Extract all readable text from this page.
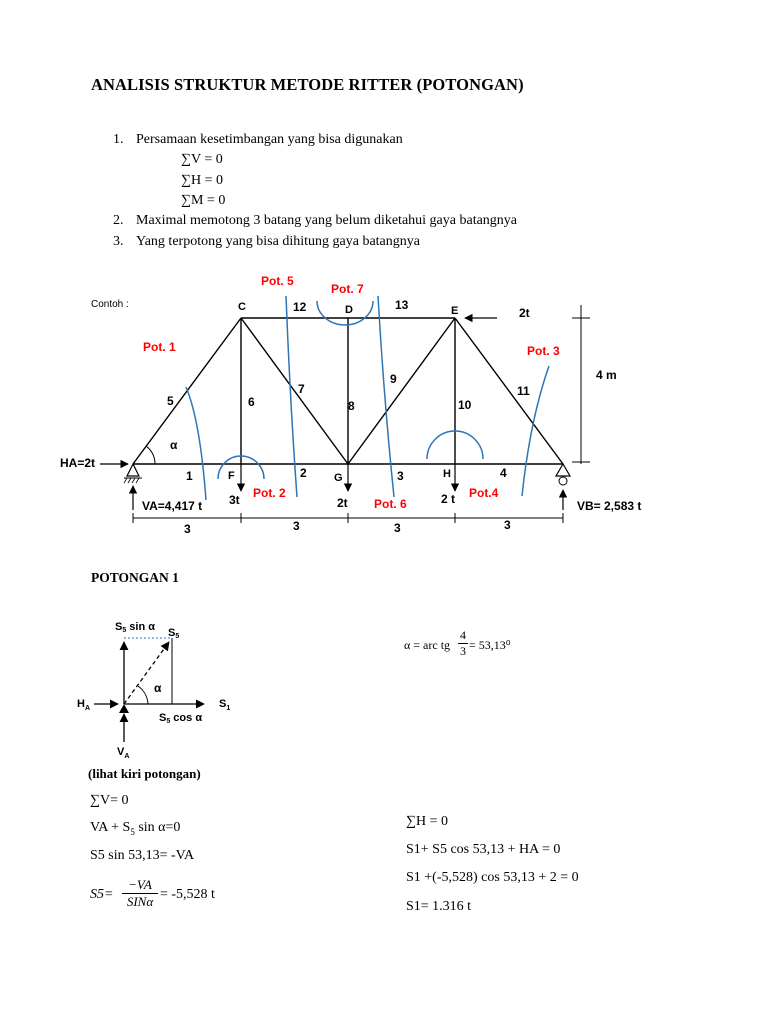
ANALISIS STRUKTUR METODE RITTER (POTONGAN)
1. Persamaan kesetimbangan yang bisa digunakan
∑V = 0
∑H = 0
∑M = 0
2. Maximal memotong 3 batang yang belum diketahui gaya batangnya
3. Yang terpotong yang bisa dihitung gaya batangnya
Contoh :
4 m
3	3	3	3
α
Pot. 1
Pot. 2
Pot. 3
Pot.4
Pot. 5
Pot. 6
Pot. 7
C	D	E
F	G	H
1	2	3	4
5	6
7
8
9
10
11
12	13
HA=2t
VA=4,417 t	VB= 2,583 t
2t
3t	2t	2 t
S5 sin α S5
α
$H_A$	$S_1$
S5 cos α
$V_A$
POTONGAN 1
α = arc tg $\frac{4}{3} = 53,13^0$
(lihat kiri potongan)
∑V= 0
VA + $S_5$ sin α=0
S5 sin 53,13= -VA
S5=
−VA
SINα = -5,528 t
∑H = 0
S1+ S5 cos 53,13 + HA = 0
S1 +(-5,528) cos 53,13 + 2 = 0
S1= 1.316 t
